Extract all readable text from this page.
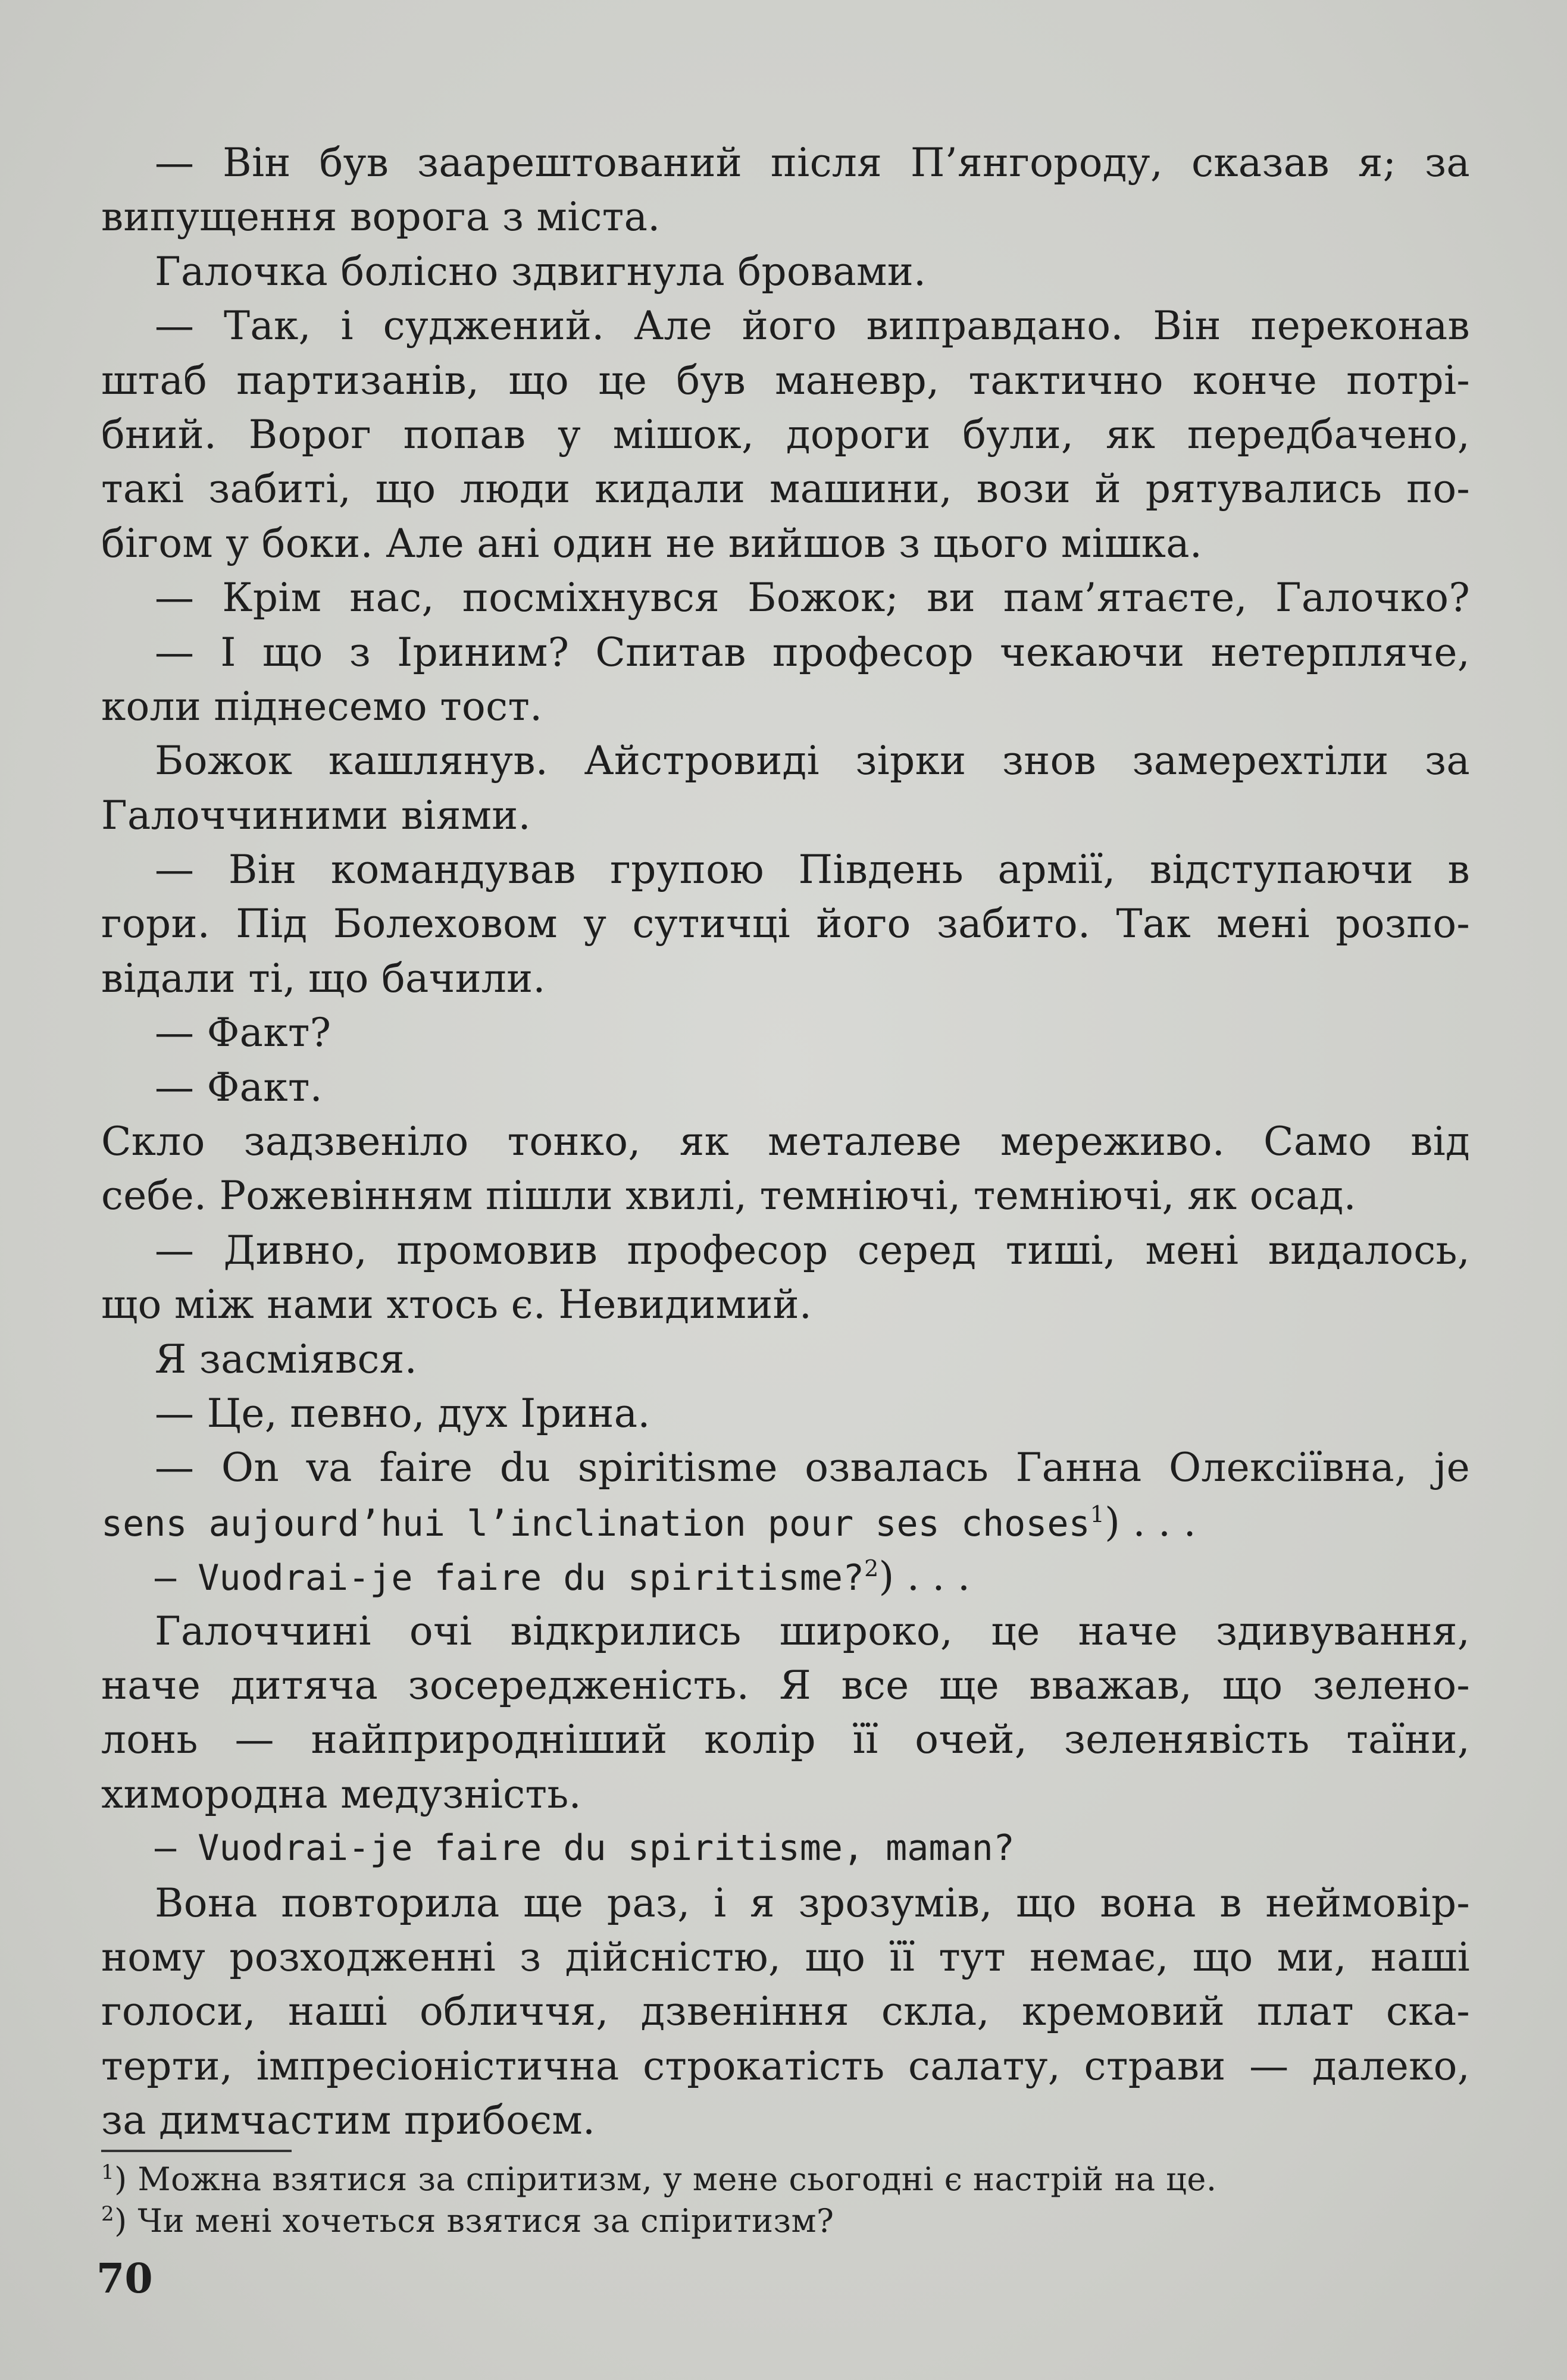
— Він був заарештований після П’янгороду, сказав я; за
випущення ворога з міста.
Галочка болісно здвигнула бровами.
— Так, і суджений. Але його виправдано. Він переконав
штаб партизанів, що це був маневр, тактично конче потрі-
бний. Ворог попав у мішок, дороги були, як передбачено,
такі забиті, що люди кидали машини, вози й рятувались по-
бігом у боки. Але ані один не вийшов з цього мішка.
— Крім нас, посміхнувся Божок; ви пам’ятаєте, Галочко?
— І що з Іриним? Спитав професор чекаючи нетерпляче,
коли піднесемо тост.
Божок кашлянув. Айстровиді зірки знов замерехтіли за
Галоччиними віями.
— Він командував групою Південь армії, відступаючи в
гори. Під Болеховом у сутичці його забито. Так мені розпо-
відали ті, що бачили.
— Факт?
— Факт.
Скло задзвеніло тонко, як металеве мереживо. Само від
себе. Рожевінням пішли хвилі, темніючі, темніючі, як осад.
— Дивно, промовив професор серед тиші, мені видалось,
що між нами хтось є. Невидимий.
Я засміявся.
— Це, певно, дух Ірина.
— On va faire du spiritisme озвалась Ганна Олексіївна, je
sens aujourd’hui l’inclination pour ses choses$^1$) . . .
— Vuodrai-je faire du spiritisme?$^2$) . . .
Галоччині очі відкрились широко, це наче здивування,
наче дитяча зосередженість. Я все ще вважав, що зелено-
лонь — найприродніший колір її очей, зеленявість таїни,
химородна медузність.
— Vuodrai-je faire du spiritisme, maman?
Вона повторила ще раз, і я зрозумів, що вона в неймовір-
ному розходженні з дійсністю, що її тут немає, що ми, наші
голоси, наші обличчя, дзвеніння скла, кремовий плат ска-
терти, імпресіоністична строкатість салату, страви — далеко,
за димчастим прибоєм.
$^1$) Можна взятися за спіритизм, у мене сьогодні є настрій на це.
$^2$) Чи мені хочеться взятися за спіритизм?
70
